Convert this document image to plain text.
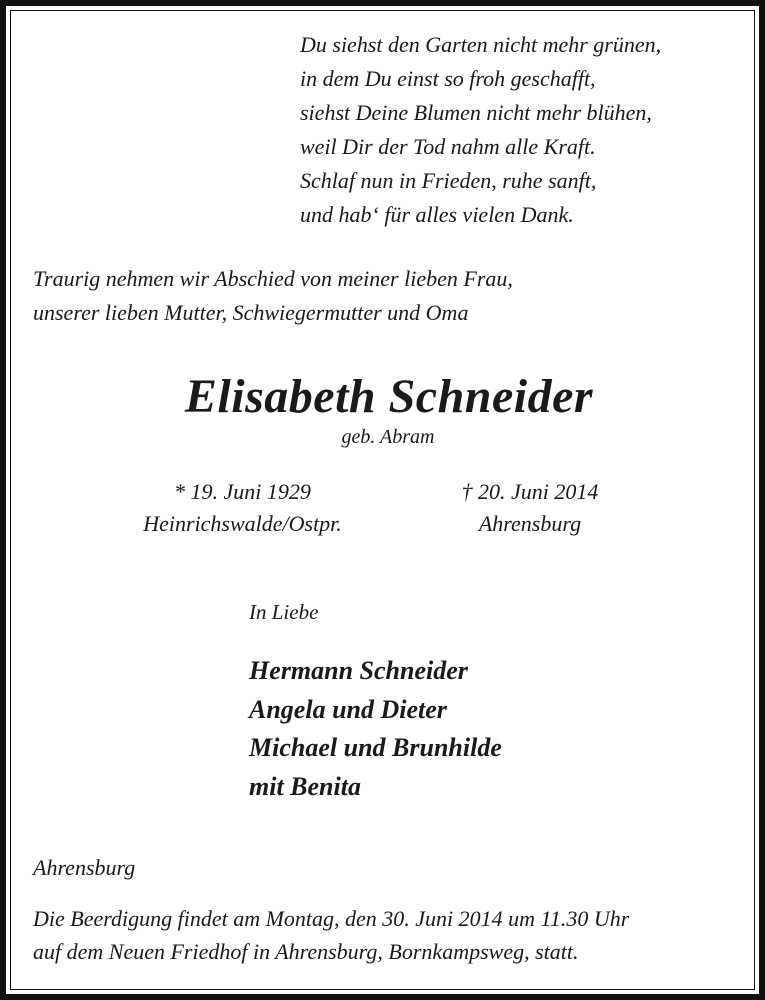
Du siehst den Garten nicht mehr grünen,
in dem Du einst so froh geschafft,
siehst Deine Blumen nicht mehr blühen,
weil Dir der Tod nahm alle Kraft.
Schlaf nun in Frieden, ruhe sanft,
und hab‘ für alles vielen Dank.
Traurig nehmen wir Abschied von meiner lieben Frau,
unserer lieben Mutter, Schwiegermutter und Oma
Elisabeth Schneider
geb. Abram
* 19. Juni 1929
Heinrichswalde/Ostpr.
† 20. Juni 2014
Ahrensburg
In Liebe
Hermann Schneider
Angela und Dieter
Michael und Brunhilde
mit Benita
Ahrensburg
Die Beerdigung findet am Montag, den 30. Juni 2014 um 11.30 Uhr
auf dem Neuen Friedhof in Ahrensburg, Bornkampsweg, statt.
